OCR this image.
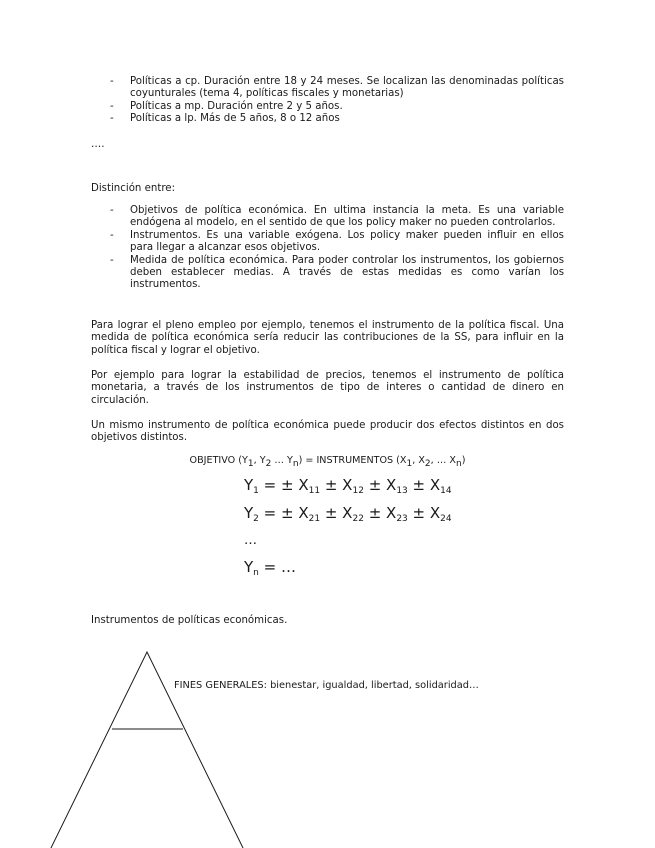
- Políticas a cp. Duración entre 18 y 24 meses. Se localizan las denominadas políticas coyunturales (tema 4, políticas fiscales y monetarias)
- Políticas a mp. Duración entre 2 y 5 años.
- Políticas a lp. Más de 5 años, 8 o 12 años
….
Distinción entre:
- Objetivos de política económica. En ultima instancia la meta. Es una variable endógena al modelo, en el sentido de que los policy maker no pueden controlarlos.
- Instrumentos. Es una variable exógena. Los policy maker pueden influir en ellos para llegar a alcanzar esos objetivos.
- Medida de política económica. Para poder controlar los instrumentos, los gobiernos deben establecer medias. A través de estas medidas es como varían los instrumentos.

Para lograr el pleno empleo por ejemplo, tenemos el instrumento de la política fiscal. Una medida de política económica sería reducir las contribuciones de la SS, para influir en la política fiscal y lograr el objetivo.

Por ejemplo para lograr la estabilidad de precios, tenemos el instrumento de política monetaria, a través de los instrumentos de tipo de interes o cantidad de dinero en circulación.

Un mismo instrumento de política económica puede producir dos efectos distintos en dos objetivos distintos.

OBJETIVO ($Y_1$, $Y_2$ … $Y_n$) = INSTRUMENTOS ($X_1$, $X_2$, … $X_n$)
$Y_1$ = ± $X_{11} \pm X_{12} \pm X_{13} \pm X_{14}$
$Y_2$ = ± $X_{21} \pm X_{22} \pm X_{23} \pm X_{24}$
…
$Y_n$ = …
Instrumentos de políticas económicas.
FINES GENERALES: bienestar, igualdad, libertad, solidaridad…
